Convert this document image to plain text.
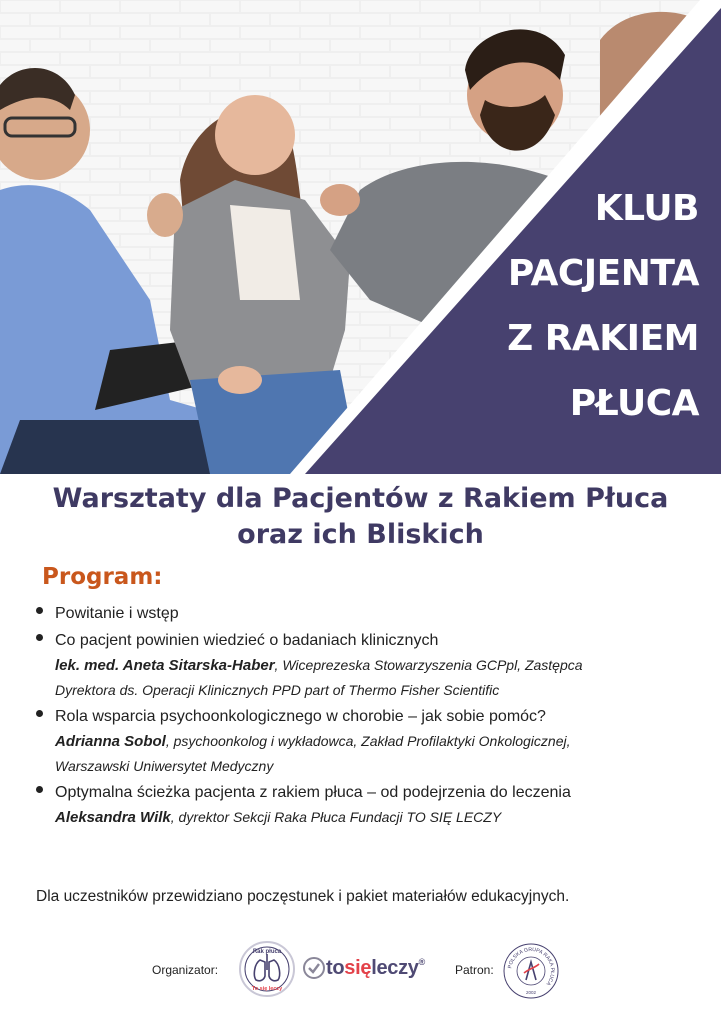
KLUB
PACJENTA
Z RAKIEM
PŁUCA
Warsztaty dla Pacjentów z Rakiem Płuca
oraz ich Bliskich
Program:
Powitanie i wstęp
Co pacjent powinien wiedzieć o badaniach klinicznych
lek. med. Aneta Sitarska-Haber, Wiceprezeska Stowarzyszenia GCPpl, Zastępca
Dyrektora ds. Operacji Klinicznych PPD part of Thermo Fisher Scientific
Rola wsparcia psychoonkologicznego w chorobie – jak sobie pomóc?
Adrianna Sobol, psychoonkolog i wykładowca, Zakład Profilaktyki Onkologicznej,
Warszawski Uniwersytet Medyczny
Optymalna ścieżka pacjenta z rakiem płuca – od podejrzenia do leczenia
Aleksandra Wilk, dyrektor Sekcji Raka Płuca Fundacji TO SIĘ LECZY
Dla uczestników przewidziano poczęstunek i pakiet materiałów edukacyjnych.
Organizator:
Rak płuca
To się leczy
tosięleczy®
Patron:	POLSKA GRUPA RAKA PŁUCA
2002
